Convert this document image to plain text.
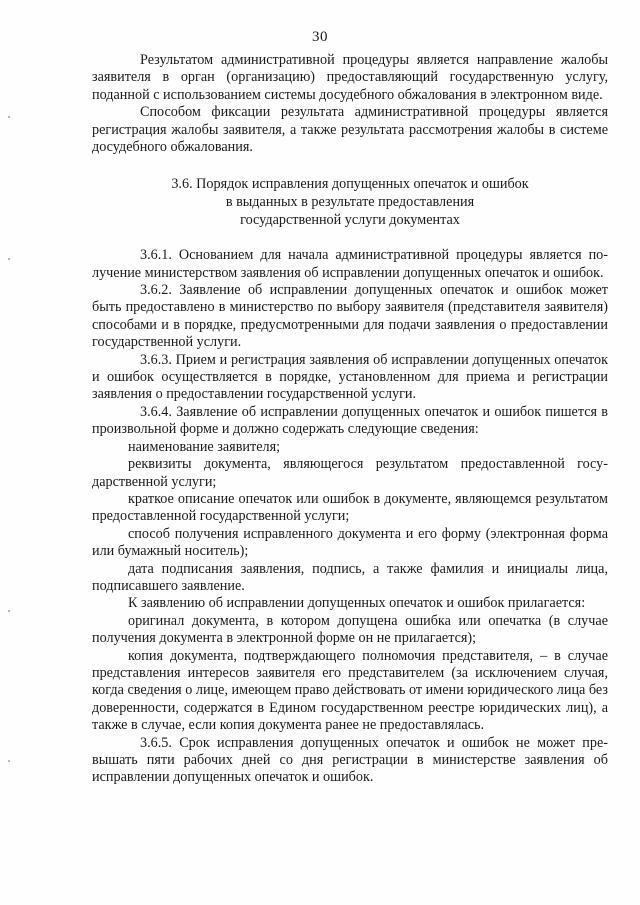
30

Результатом административной процедуры является направление жалобы заявителя в орган (организацию) предоставляющий государственную услугу, поданной с использованием системы досудебного обжалования в электронном виде.

Способом фиксации результата административной процедуры является регистрация жалобы заявителя, а также результата рассмотрения жалобы в системе досудебного обжалования.

3.6. Порядок исправления допущенных опечаток и ошибок
в выданных в результате предоставления
государственной услуги документах

3.6.1. Основанием для начала административной процедуры является получение министерством заявления об исправлении допущенных опечаток и ошибок.

3.6.2. Заявление об исправлении допущенных опечаток и ошибок может быть предоставлено в министерство по выбору заявителя (представителя заявителя) способами и в порядке, предусмотренными для подачи заявления о предоставлении государственной услуги.

3.6.3. Прием и регистрация заявления об исправлении допущенных опечаток и ошибок осуществляется в порядке, установленном для приема и регистрации заявления о предоставлении государственной услуги.

3.6.4. Заявление об исправлении допущенных опечаток и ошибок пишется в произвольной форме и должно содержать следующие сведения:

наименование заявителя;

реквизиты документа, являющегося результатом предоставленной государственной услуги;

краткое описание опечаток или ошибок в документе, являющемся результатом предоставленной государственной услуги;

способ получения исправленного документа и его форму (электронная форма или бумажный носитель);

дата подписания заявления, подпись, а также фамилия и инициалы лица, подписавшего заявление.

К заявлению об исправлении допущенных опечаток и ошибок прилагается:

оригинал документа, в котором допущена ошибка или опечатка (в случае получения документа в электронной форме он не прилагается);

копия документа, подтверждающего полномочия представителя, – в случае представления интересов заявителя его представителем (за исключением случая, когда сведения о лице, имеющем право действовать от имени юридического лица без доверенности, содержатся в Едином государственном реестре юридических лиц), а также в случае, если копия документа ранее не предоставлялась.

3.6.5. Срок исправления допущенных опечаток и ошибок не может превышать пяти рабочих дней со дня регистрации в министерстве заявления об исправлении допущенных опечаток и ошибок.
